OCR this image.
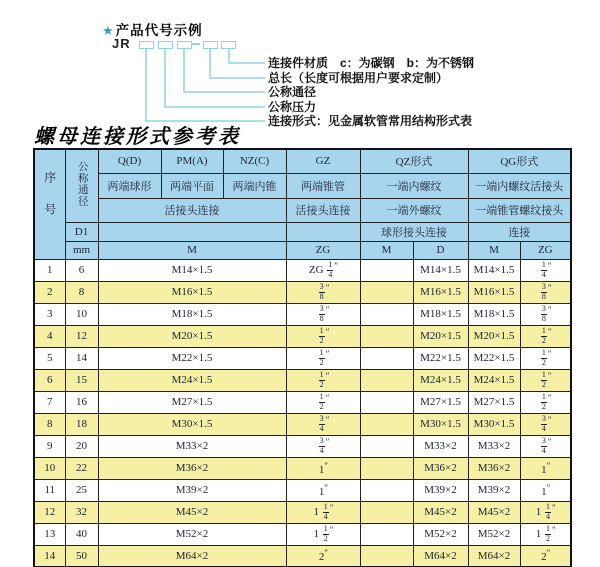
★产品代号示例
JR
连接件材质　c：为碳钢　b：为不锈钢
总长（长度可根据用户要求定制）
公称通径
公称压力
连接形式：见金属软管常用结构形式表
螺母连接形式参考表
序号	公称通径	Q(D)	PM(A)	NZ(C)	GZ	QZ形式		QG形式	
		两端球形	两端平面	两端内锥	两端锥管	一端内螺纹		一端内螺纹活接头	
		活接头连接			活接头连接	一端外螺纹		一端锥管螺纹接头	
	D1					球形接头连接		连接	
	mm	M			ZG	M	D	M	ZG
1	6	M14×1.5			ZG $\frac{1}{4} ''$		M14×1.5	M14×1.5	$\frac{1}{4} ''$
2	8	M16×1.5			$\frac{3}{8} ''$		M16×1.5	M16×1.5	$\frac{3}{8} ''$
3	10	M18×1.5			$\frac{3}{8} ''$		M18×1.5	M18×1.5	$\frac{3}{8} ''$
4	12	M20×1.5			$\frac{1}{2} ''$		M20×1.5	M20×1.5	$\frac{1}{2} ''$
5	14	M22×1.5			$\frac{1}{2} ''$		M22×1.5	M22×1.5	$\frac{1}{2} ''$
6	15	M24×1.5			$\frac{1}{2} ''$		M24×1.5	M24×1.5	$\frac{1}{2} ''$
7	16	M27×1.5			$\frac{1}{2} ''$		M27×1.5	M27×1.5	$\frac{1}{2} ''$
8	18	M30×1.5			$\frac{3}{4} ''$		M30×1.5	M30×1.5	$\frac{3}{4} ''$
9	20	M33×2			$\frac{3}{4} ''$		M33×2	M33×2	$\frac{3}{4} ''$
10	22	M36×2			1″		M36×2	M36×2	1″
11	25	M39×2			1″		M39×2	M39×2	1″
12	32	M45×2			$1 \frac{1}{4} ''$		M45×2	M45×2	$1 \frac{1}{4} ''$
13	40	M52×2			$1 \frac{1}{2} ''$		M52×2	M52×2	$1 \frac{1}{2} ''$
14	50	M64×2			2″		M64×2	M64×2	2″
